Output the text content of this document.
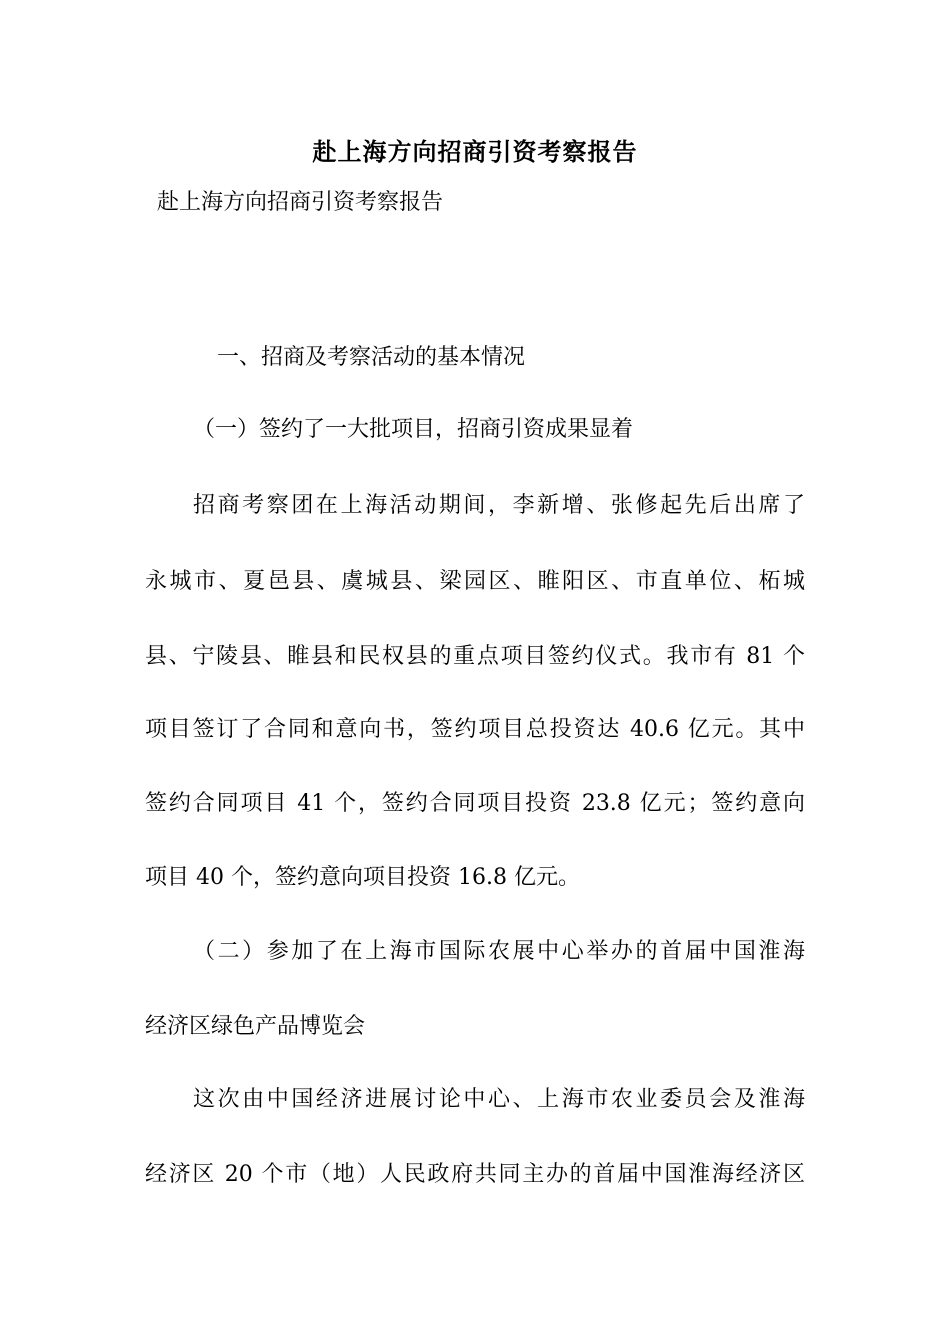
赴上海方向招商引资考察报告
赴上海方向招商引资考察报告
一、招商及考察活动的基本情况
（一）签约了一大批项目，招商引资成果显着
招商考察团在上海活动期间，李新增、张修起先后出席了
永城市、夏邑县、虞城县、梁园区、睢阳区、市直单位、柘城
县、宁陵县、睢县和民权县的重点项目签约仪式。我市有 81 个
项目签订了合同和意向书，签约项目总投资达 40.6 亿元。其中
签约合同项目 41 个，签约合同项目投资 23.8 亿元；签约意向
项目 40 个，签约意向项目投资 16.8 亿元。
（二）参加了在上海市国际农展中心举办的首届中国淮海
经济区绿色产品博览会
这次由中国经济进展讨论中心、上海市农业委员会及淮海
经济区 20 个市（地）人民政府共同主办的首届中国淮海经济区
